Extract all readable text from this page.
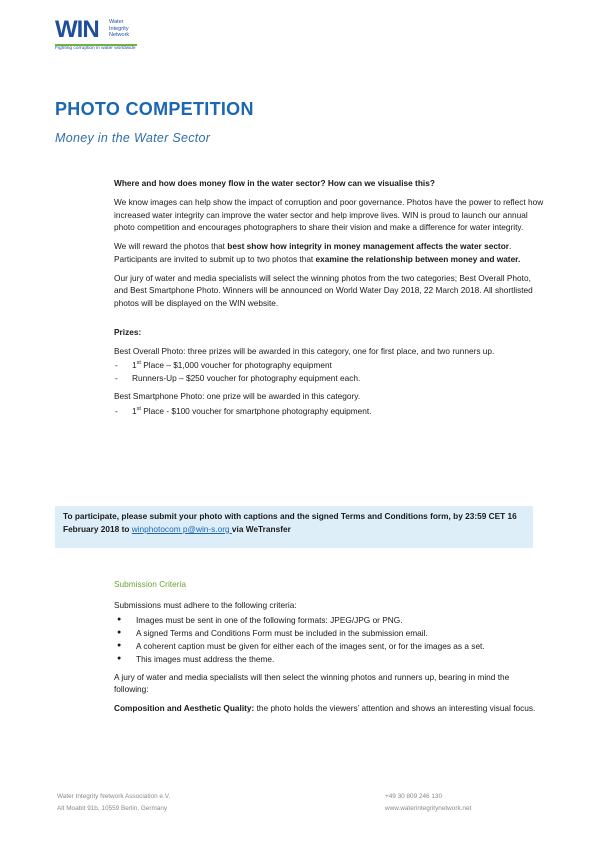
WIN Water
Integrity
Network
Fighting corruption in water worldwide
PHOTO COMPETITION
Money in the Water Sector

Where and how does money flow in the water sector? How can we visualise this?

We know images can help show the impact of corruption and poor governance. Photos have the power to reflect how increased water integrity can improve the water sector and help improve lives. WIN is proud to launch our annual photo competition and encourages photographers to share their vision and make a difference for water integrity.

We will reward the photos that best show how integrity in money management affects the water sector. Participants are invited to submit up to two photos that examine the relationship between money and water.

Our jury of water and media specialists will select the winning photos from the two categories; Best Overall Photo, and Best Smartphone Photo. Winners will be announced on World Water Day 2018, 22 March 2018. All shortlisted photos will be displayed on the WIN website.

Prizes:

Best Overall Photo: three prizes will be awarded in this category, one for first place, and two runners up.

- 1st Place – $1,000 voucher for photography equipment
- Runners-Up – $250 voucher for photography equipment each.

Best Smartphone Photo: one prize will be awarded in this category.

- 1st Place - $100 voucher for smartphone photography equipment.
To participate, please submit your photo with captions and the signed Terms and Conditions form, by 23:59 CET 16 February 2018 to winphotocom p@win-s.org via WeTransfer

Submission Criteria

Submissions must adhere to the following criteria:

● Images must be sent in one of the following formats: JPEG/JPG or PNG.
● A signed Terms and Conditions Form must be included in the submission email.
● A coherent caption must be given for either each of the images sent, or for the images as a set.
● This images must address the theme.

A jury of water and media specialists will then select the winning photos and runners up, bearing in mind the following:

Composition and Aesthetic Quality: the photo holds the viewers’ attention and shows an interesting visual focus.

Water Integrity Network Association e.V.
Alt Moabit 91b, 10559 Berlin, Germany
+49 30 809 246 130
www.waterintegritynetwork.net
